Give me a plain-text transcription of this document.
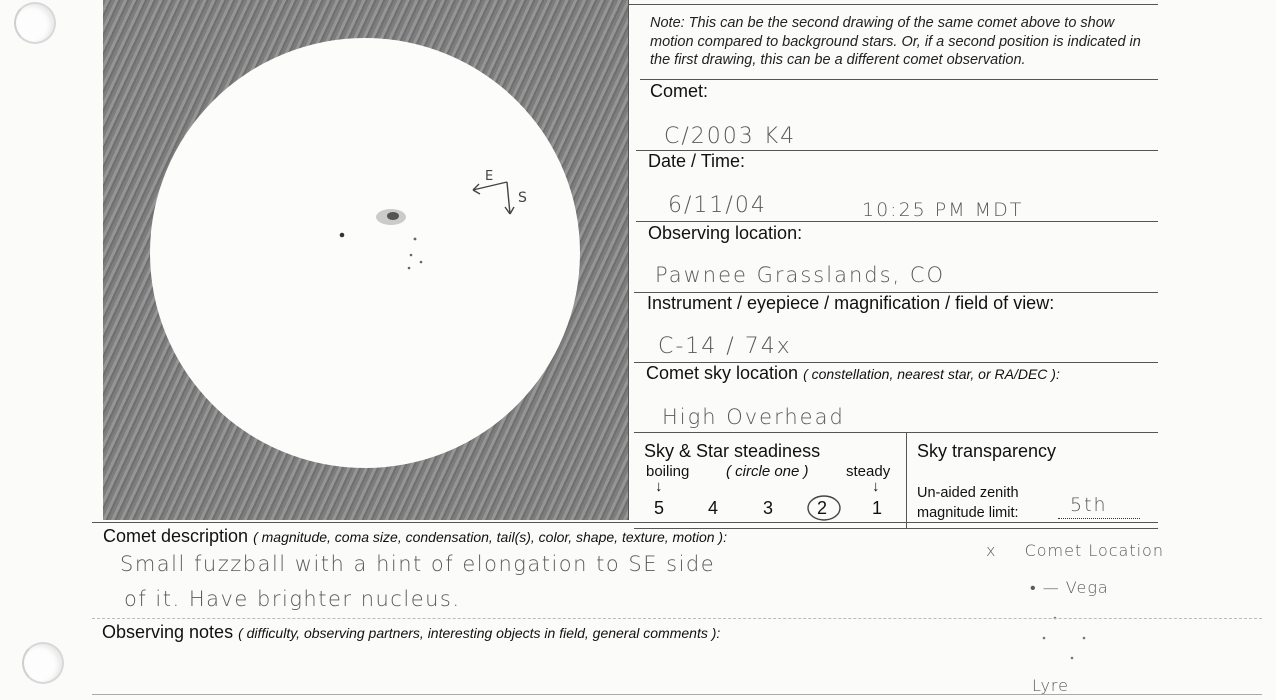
E
S
Note: This can be the second drawing of the same comet above to show motion compared to background stars. Or, if a second position is indicated in the first drawing, this can be a different comet observation.
Comet:
C/2003 K4
Date / Time:
6/11/04	10:25 PM MDT
Observing location:
Pawnee Grasslands, CO
Instrument / eyepiece / magnification / field of view:
C-14 / 74x
Comet sky location ( constellation, nearest star, or RA/DEC ):
High Overhead
Sky & Star steadiness
boiling ( circle one ) steady
↓	↓
5 4 3 2 1
Sky transparency
Un-aided zenith
magnitude limit:	5th
Comet description ( magnitude, coma size, condensation, tail(s), color, shape, texture, motion ):
Small fuzzball with a hint of elongation to SE side
of it. Have brighter nucleus.
x Comet Location
• — Vega
Lyre
Observing notes ( difficulty, observing partners, interesting objects in field, general comments ):
